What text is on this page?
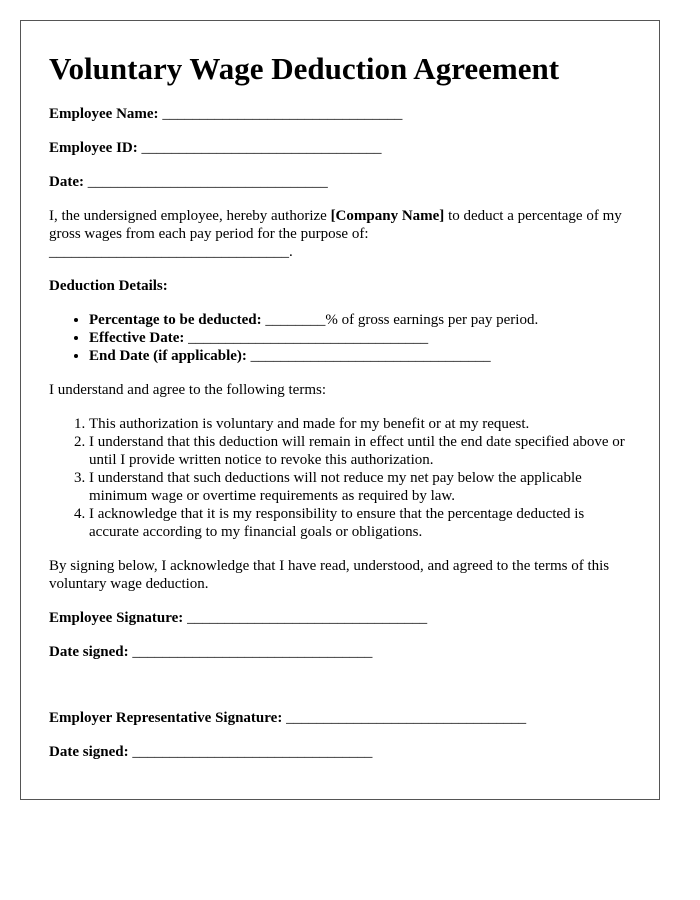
Voluntary Wage Deduction Agreement
Employee Name: ________________________________
Employee ID: ________________________________
Date: ________________________________

I, the undersigned employee, hereby authorize [Company Name] to deduct a percentage of my gross wages from each pay period for the purpose of:
________________________________.

Deduction Details:
• Percentage to be deducted: ________% of gross earnings per pay period.
• Effective Date: ________________________________
• End Date (if applicable): ________________________________

I understand and agree to the following terms:

1. This authorization is voluntary and made for my benefit or at my request.
2. I understand that this deduction will remain in effect until the end date specified above or until I provide written notice to revoke this authorization.
3. I understand that such deductions will not reduce my net pay below the applicable minimum wage or overtime requirements as required by law.
4. I acknowledge that it is my responsibility to ensure that the percentage deducted is accurate according to my financial goals or obligations.

By signing below, I acknowledge that I have read, understood, and agreed to the terms of this voluntary wage deduction.

Employee Signature: ________________________________
Date signed: ________________________________
Employer Representative Signature: ________________________________
Date signed: ________________________________
